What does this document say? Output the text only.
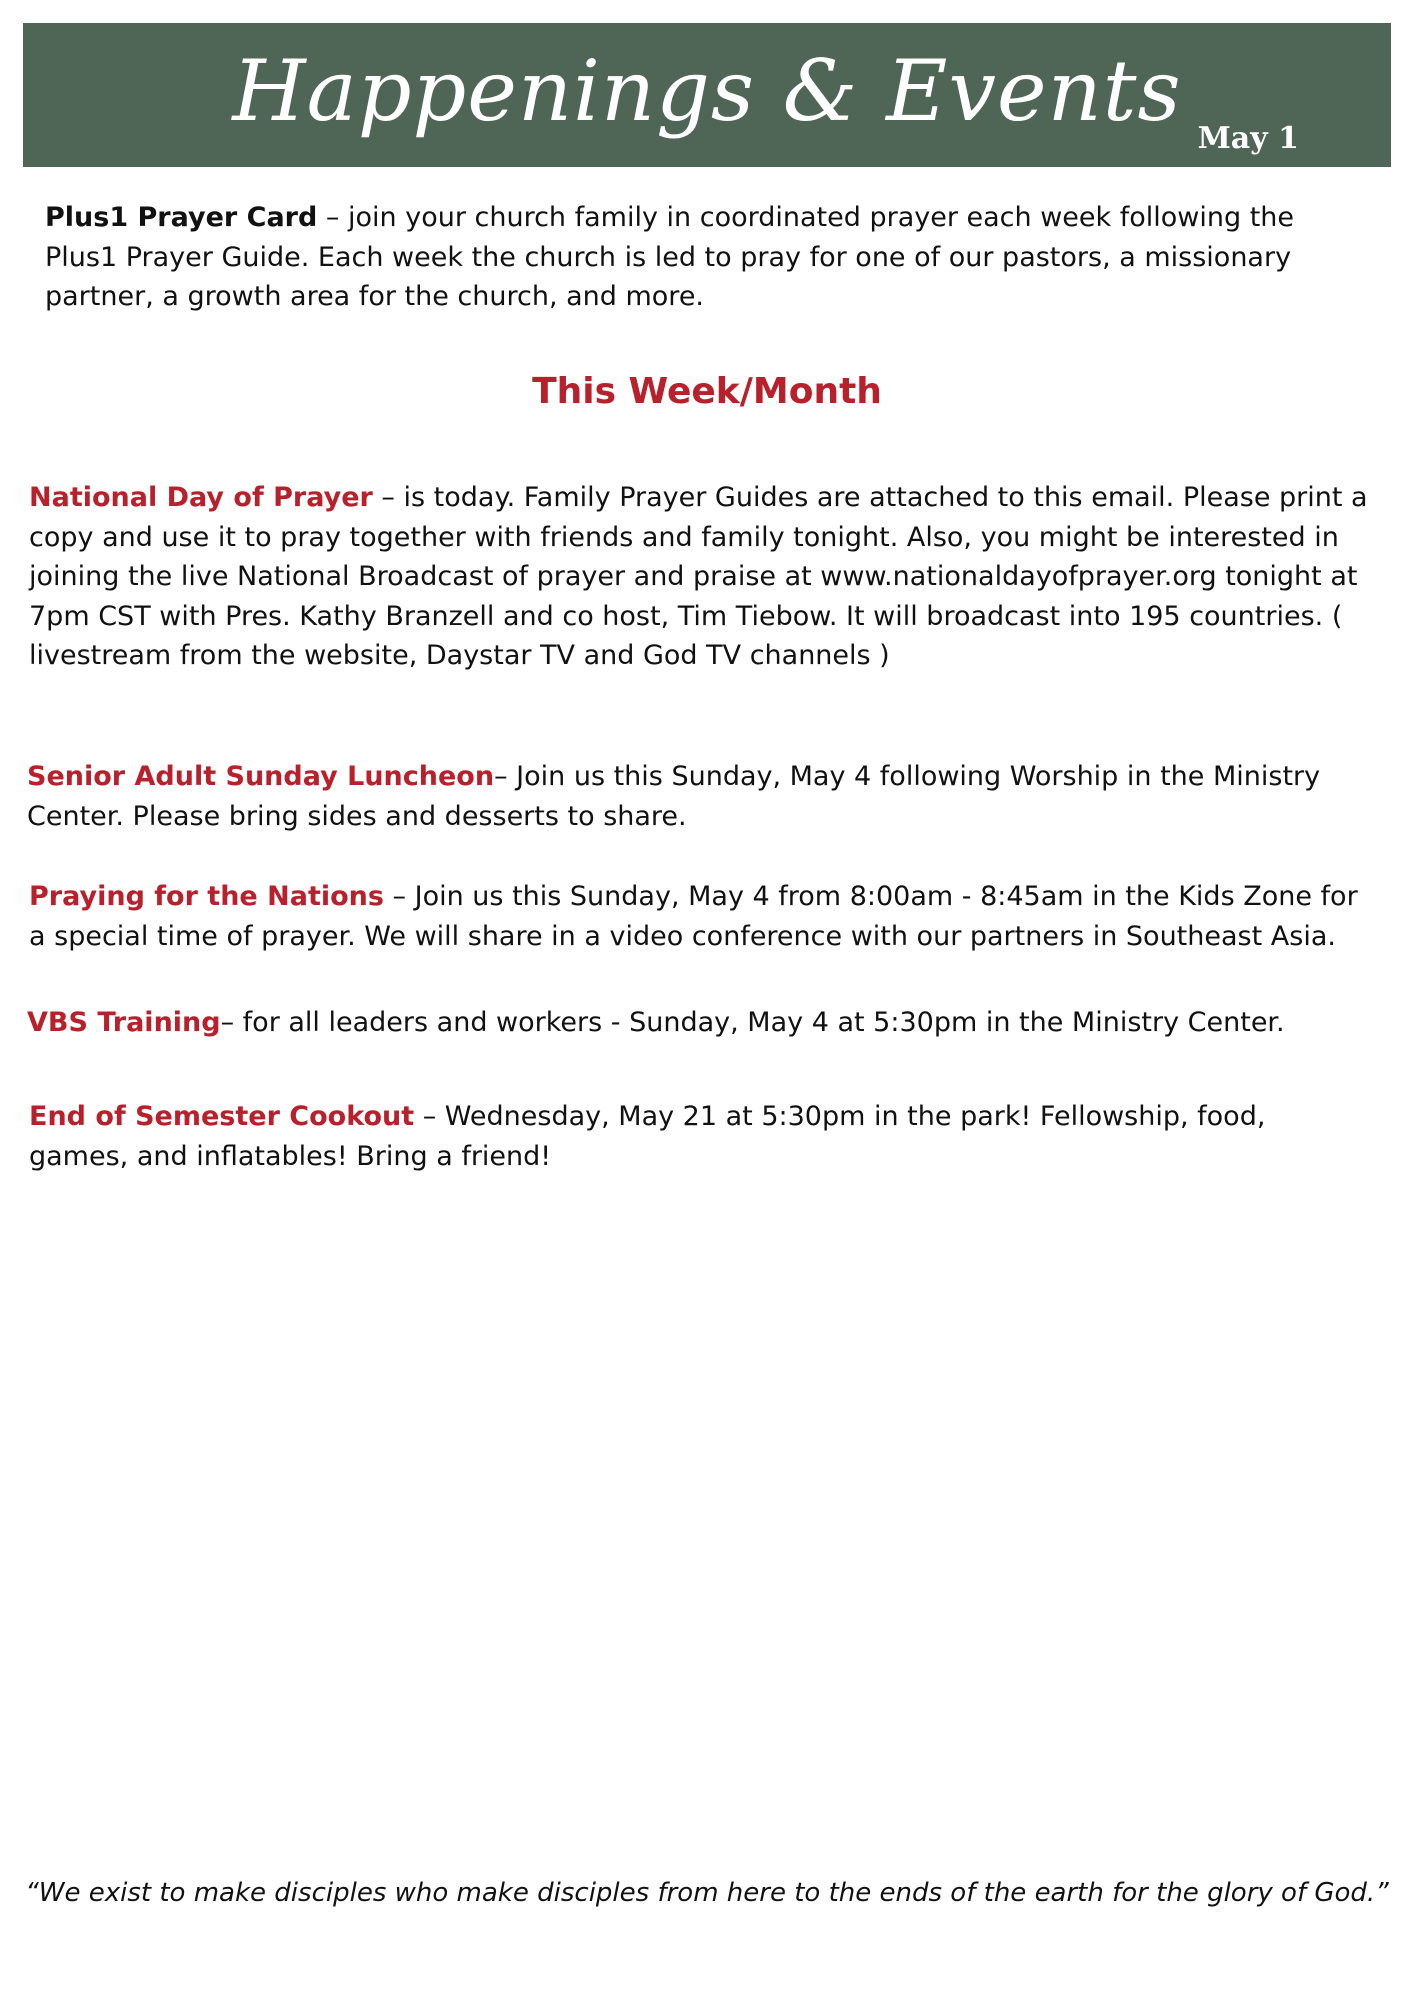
Happenings & Events May 1

Plus1 Prayer Card – join your church family in coordinated prayer each week following the Plus1 Prayer Guide. Each week the church is led to pray for one of our pastors, a missionary partner, a growth area for the church, and more.

This Week/Month

National Day of Prayer – is today. Family Prayer Guides are attached to this email. Please print a copy and use it to pray together with friends and family tonight. Also, you might be interested in joining the live National Broadcast of prayer and praise at www.nationaldayofprayer.org tonight at 7pm CST with Pres. Kathy Branzell and co host, Tim Tiebow. It will broadcast into 195 countries. ( livestream from the website, Daystar TV and God TV channels )

Senior Adult Sunday Luncheon– Join us this Sunday, May 4 following Worship in the Ministry Center. Please bring sides and desserts to share.

Praying for the Nations – Join us this Sunday, May 4 from 8:00am - 8:45am in the Kids Zone for a special time of prayer. We will share in a video conference with our partners in Southeast Asia.

VBS Training– for all leaders and workers - Sunday, May 4 at 5:30pm in the Ministry Center.

End of Semester Cookout – Wednesday, May 21 at 5:30pm in the park! Fellowship, food, games, and inflatables! Bring a friend!

“We exist to make disciples who make disciples from here to the ends of the earth for the glory of God.”
